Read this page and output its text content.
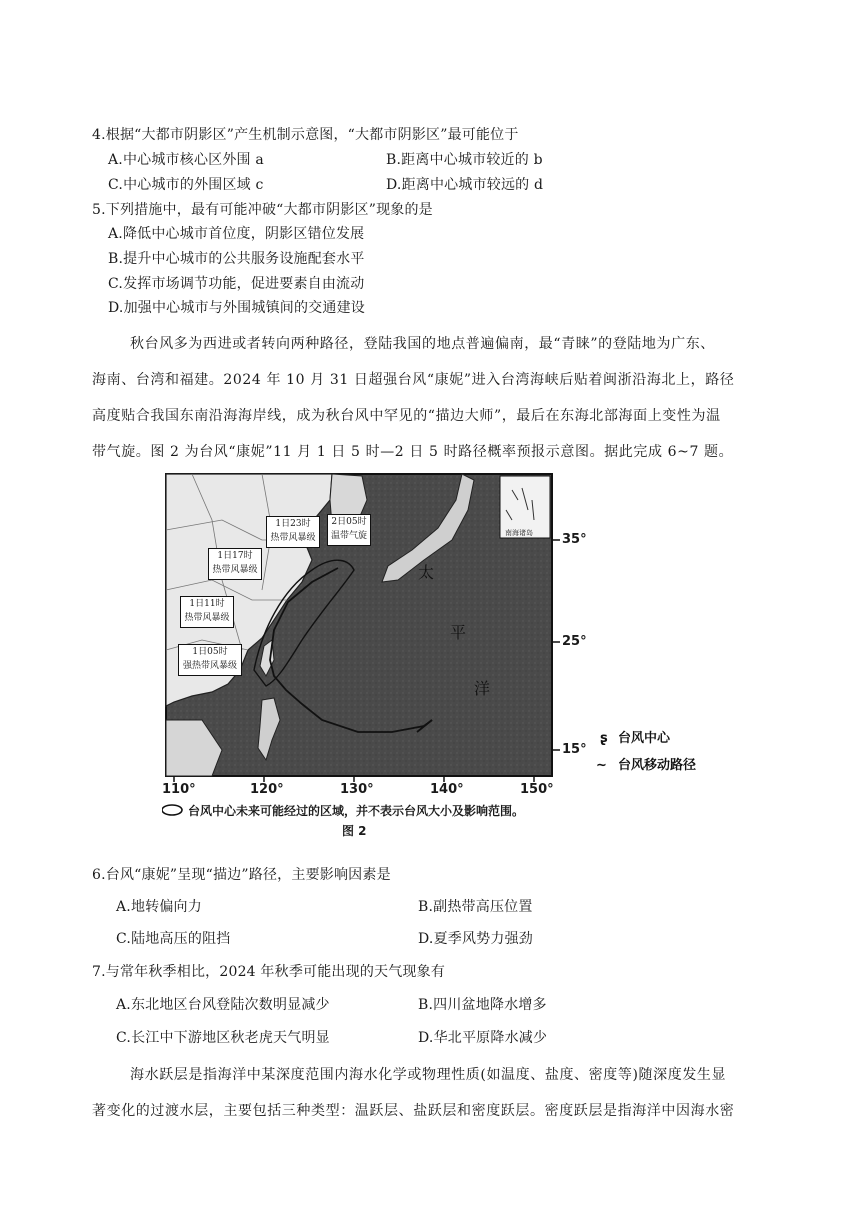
4.根据“大都市阴影区”产生机制示意图，“大都市阴影区”最可能位于
A.中心城市核心区外围 a	B.距离中心城市较近的 b
C.中心城市的外围区域 c	D.距离中心城市较远的 d
5.下列措施中，最有可能冲破“大都市阴影区”现象的是
A.降低中心城市首位度，阴影区错位发展
B.提升中心城市的公共服务设施配套水平
C.发挥市场调节功能，促进要素自由流动
D.加强中心城市与外围城镇间的交通建设
秋台风多为西进或者转向两种路径，登陆我国的地点普遍偏南，最“青睐”的登陆地为广东、
海南、台湾和福建。2024 年 10 月 31 日超强台风“康妮”进入台湾海峡后贴着闽浙沿海北上，路径
高度贴合我国东南沿海海岸线，成为秋台风中罕见的“描边大师”，最后在东海北部海面上变性为温
带气旋。图 2 为台风“康妮”11 月 1 日 5 时—2 日 5 时路径概率预报示意图。据此完成 6~7 题。
2日05时
温带气旋
1日23时
热带风暴级
1日17时
热带风暴级
1日11时
热带风暴级
1日05时
强热带风暴级
南海诸岛
太
平
洋
35°
25°
15°
110°	120°	130°	140°	150°
台风中心未来可能经过的区域，并不表示台风大小及影响范围。
图 2
ʂ 台风中心
∼ 台风移动路径
6.台风“康妮”呈现“描边”路径，主要影响因素是
A.地转偏向力	B.副热带高压位置
C.陆地高压的阻挡	D.夏季风势力强劲
7.与常年秋季相比，2024 年秋季可能出现的天气现象有
A.东北地区台风登陆次数明显减少	B.四川盆地降水增多
C.长江中下游地区秋老虎天气明显	D.华北平原降水减少
海水跃层是指海洋中某深度范围内海水化学或物理性质(如温度、盐度、密度等)随深度发生显
著变化的过渡水层，主要包括三种类型：温跃层、盐跃层和密度跃层。密度跃层是指海洋中因海水密
